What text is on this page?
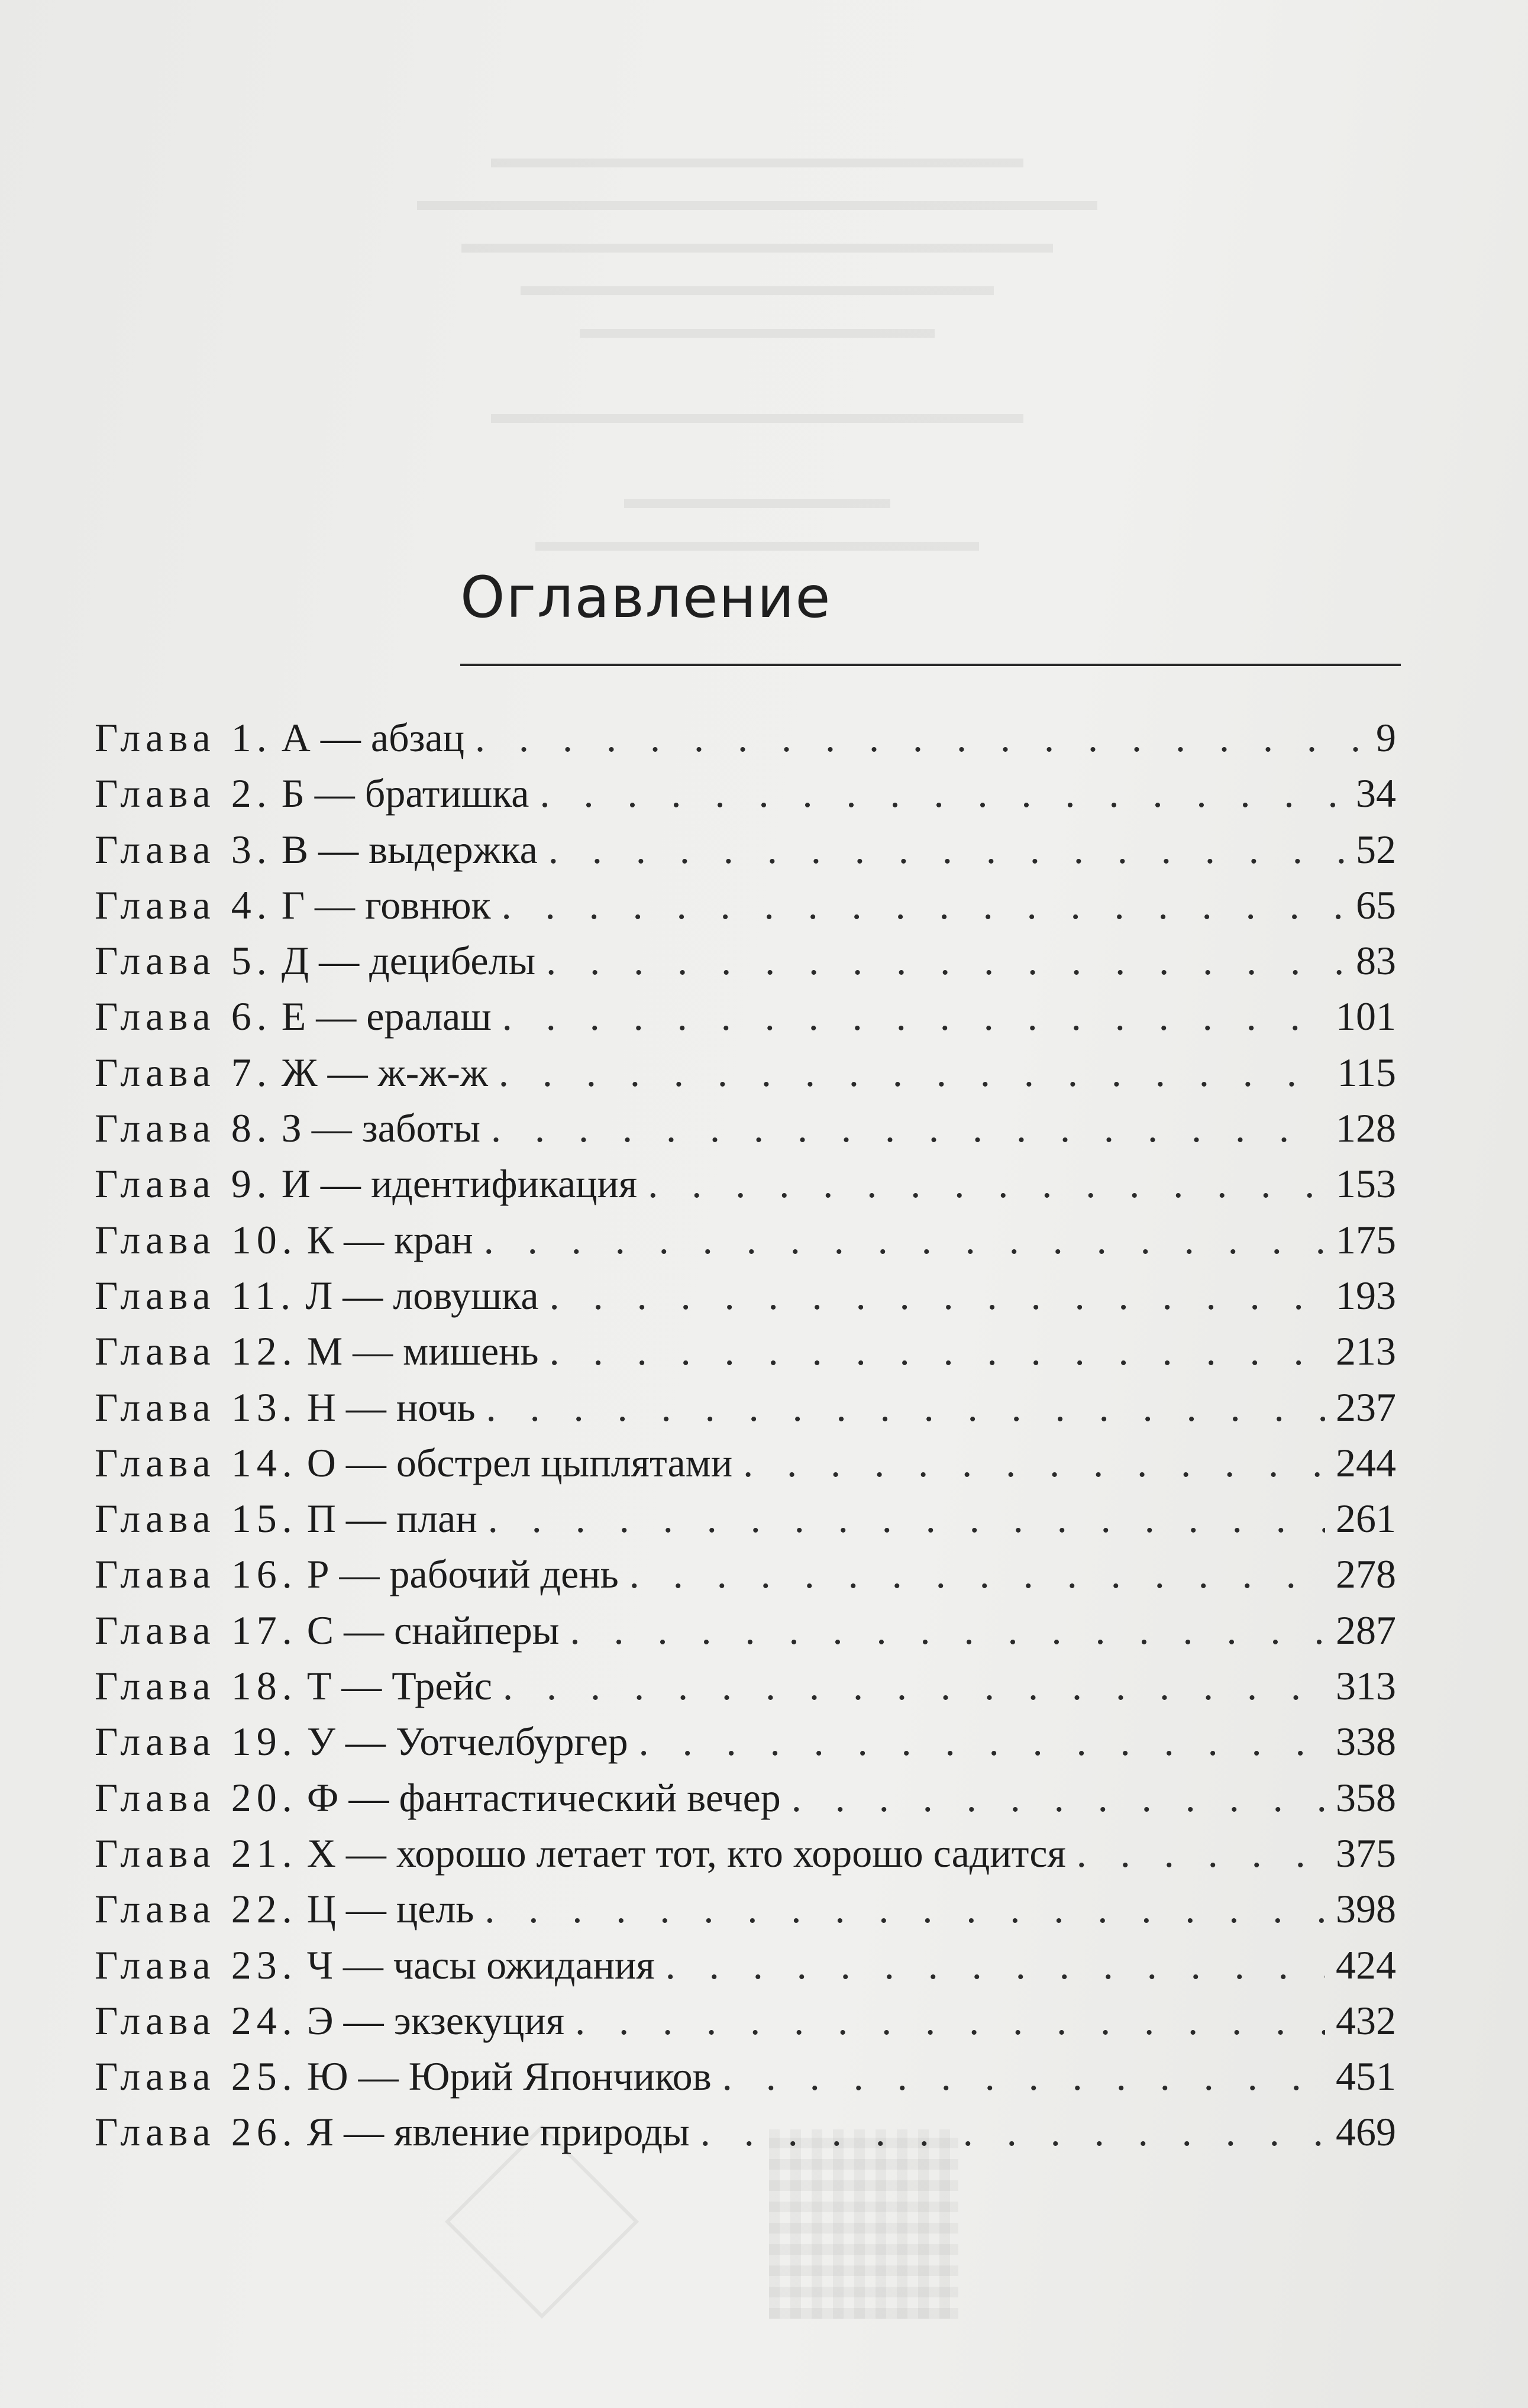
▬▬▬▬▬▬▬▬▬▬▬▬▬▬▬▬▬▬
▬▬▬▬▬▬▬▬▬▬▬▬▬▬▬▬▬▬▬▬▬▬▬
▬▬▬▬▬▬▬▬▬▬▬▬▬▬▬▬▬▬▬▬
▬▬▬▬▬▬▬▬▬▬▬▬▬▬▬▬
▬▬▬▬▬▬▬▬▬▬▬▬

▬▬▬▬▬▬▬▬▬▬▬▬▬▬▬▬▬▬

▬▬▬▬▬▬▬▬▬
▬▬▬▬▬▬▬▬▬▬▬▬▬▬▬
Оглавление
Глава 1. А — абзац . . .	9
Глава 2. Б — братишка . . .	34
Глава 3. В — выдержка . . .	52
Глава 4. Г — говнюк . . .	65
Глава 5. Д — децибелы . . .	83
Глава 6. Е — ералаш . . .	101
Глава 7. Ж — ж-ж-ж . . .	115
Глава 8. З — заботы . . .	128
Глава 9. И — идентификация . . .	153
Глава 10. К — кран . . .	175
Глава 11. Л — ловушка . . .	193
Глава 12. М — мишень . . .	213
Глава 13. Н — ночь . . .	237
Глава 14. О — обстрел цыплятами . . .	244
Глава 15. П — план . . .	261
Глава 16. Р — рабочий день . . .	278
Глава 17. С — снайперы . . .	287
Глава 18. Т — Трейс . . .	313
Глава 19. У — Уотчелбургер . . .	338
Глава 20. Ф — фантастический вечер . . .	358
Глава 21. Х — хорошо летает тот, кто хорошо садится . . .	375
Глава 22. Ц — цель . . .	398
Глава 23. Ч — часы ожидания . . .	424
Глава 24. Э — экзекуция . . .	432
Глава 25. Ю — Юрий Япончиков . . .	451
Глава 26. Я — явление природы . . .	469
